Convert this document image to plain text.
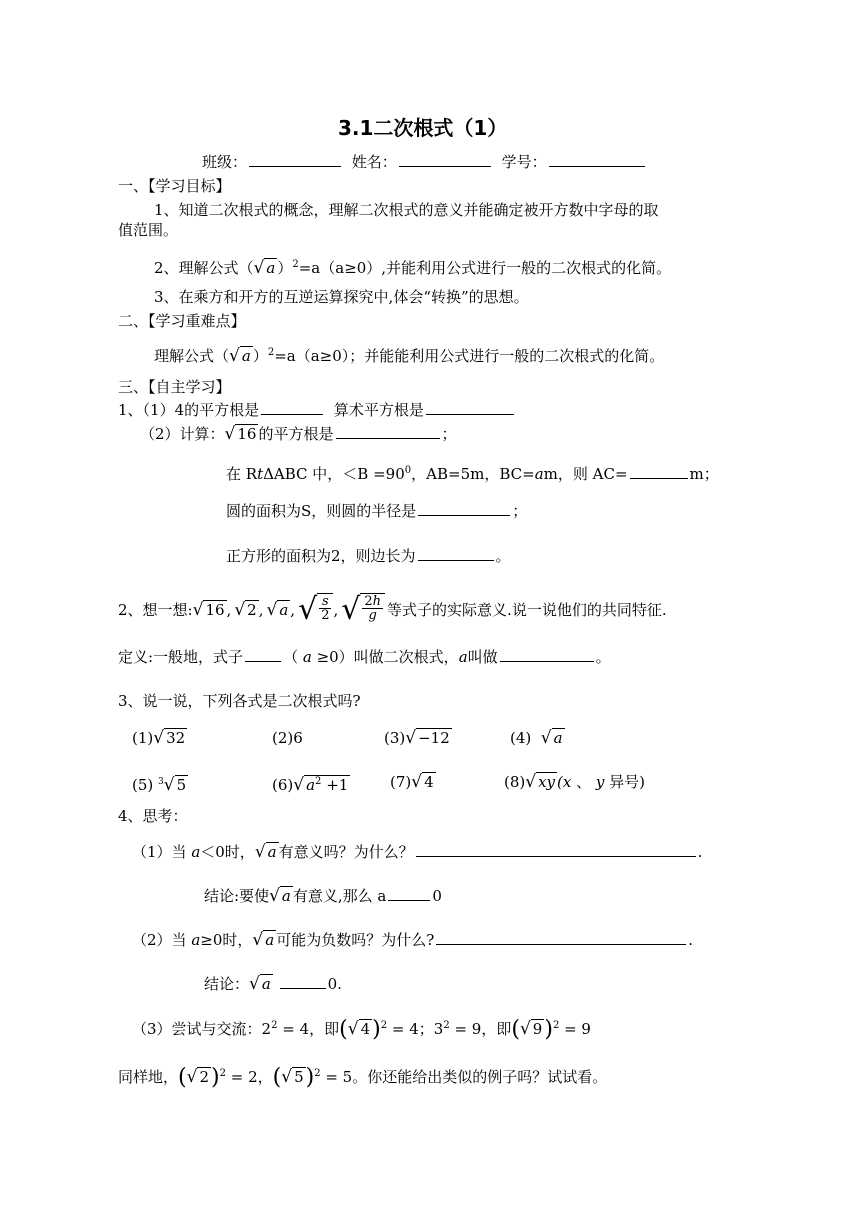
3.1二次根式（1）
班级：	姓名：	学号：
一、【学习目标】
1、知道二次根式的概念，理解二次根式的意义并能确定被开方数中字母的取
值范围。
2、理解公式（√ a ）$^2$=a（a≥0）,并能利用公式进行一般的二次根式的化简。
3、在乘方和开方的互逆运算探究中,体会“转换”的思想。
二、【学习重难点】
理解公式（√ a ）$^2$=a（a≥0）；并能能利用公式进行一般的二次根式的化简。
三、【自主学习】
1、（1）4的平方根是	算术平方根是
（2）计算：√ 16 的平方根是	；
在 RtΔABC 中，$<B =90^0$，AB=5m，BC=am，则 AC=	m；
圆的面积为S，则圆的半径是	；
正方形的面积为2，则边长为	。
2、想一想: √ 16 , √ 2 , √ a , √ $\frac{s}{2}$ , √ $\frac{2h}{g}$ 等式子的实际意义.说一说他们的共同特征.
定义:一般地，式子	（ a ≥0）叫做二次根式，a叫做	。
3、说一说，下列各式是二次根式吗?
(1)√ 32	(2)6	(3)√ −12	(4) √ a
(5) $^3$√ 5	(6)√ $a^2 +1$	(7)√ 4	(8)√ xy (x 、 y 异号)
4、思考：
（1）当 a＜0时，√ a 有意义吗？为什么？	.
结论:要使√ a 有意义,那么 a	0
（2）当 a≥0时，√ a 可能为负数吗？为什么?	.
结论：√ a	0.
（3）尝试与交流：$2^2 = 4$，即(√ 4)$^2$ = 4；$3^2 = 9$，即(√ 9)$^2$ = 9
同样地，(√ 2)$^2$ = 2，(√ 5)$^2$ = 5。你还能给出类似的例子吗？试试看。
